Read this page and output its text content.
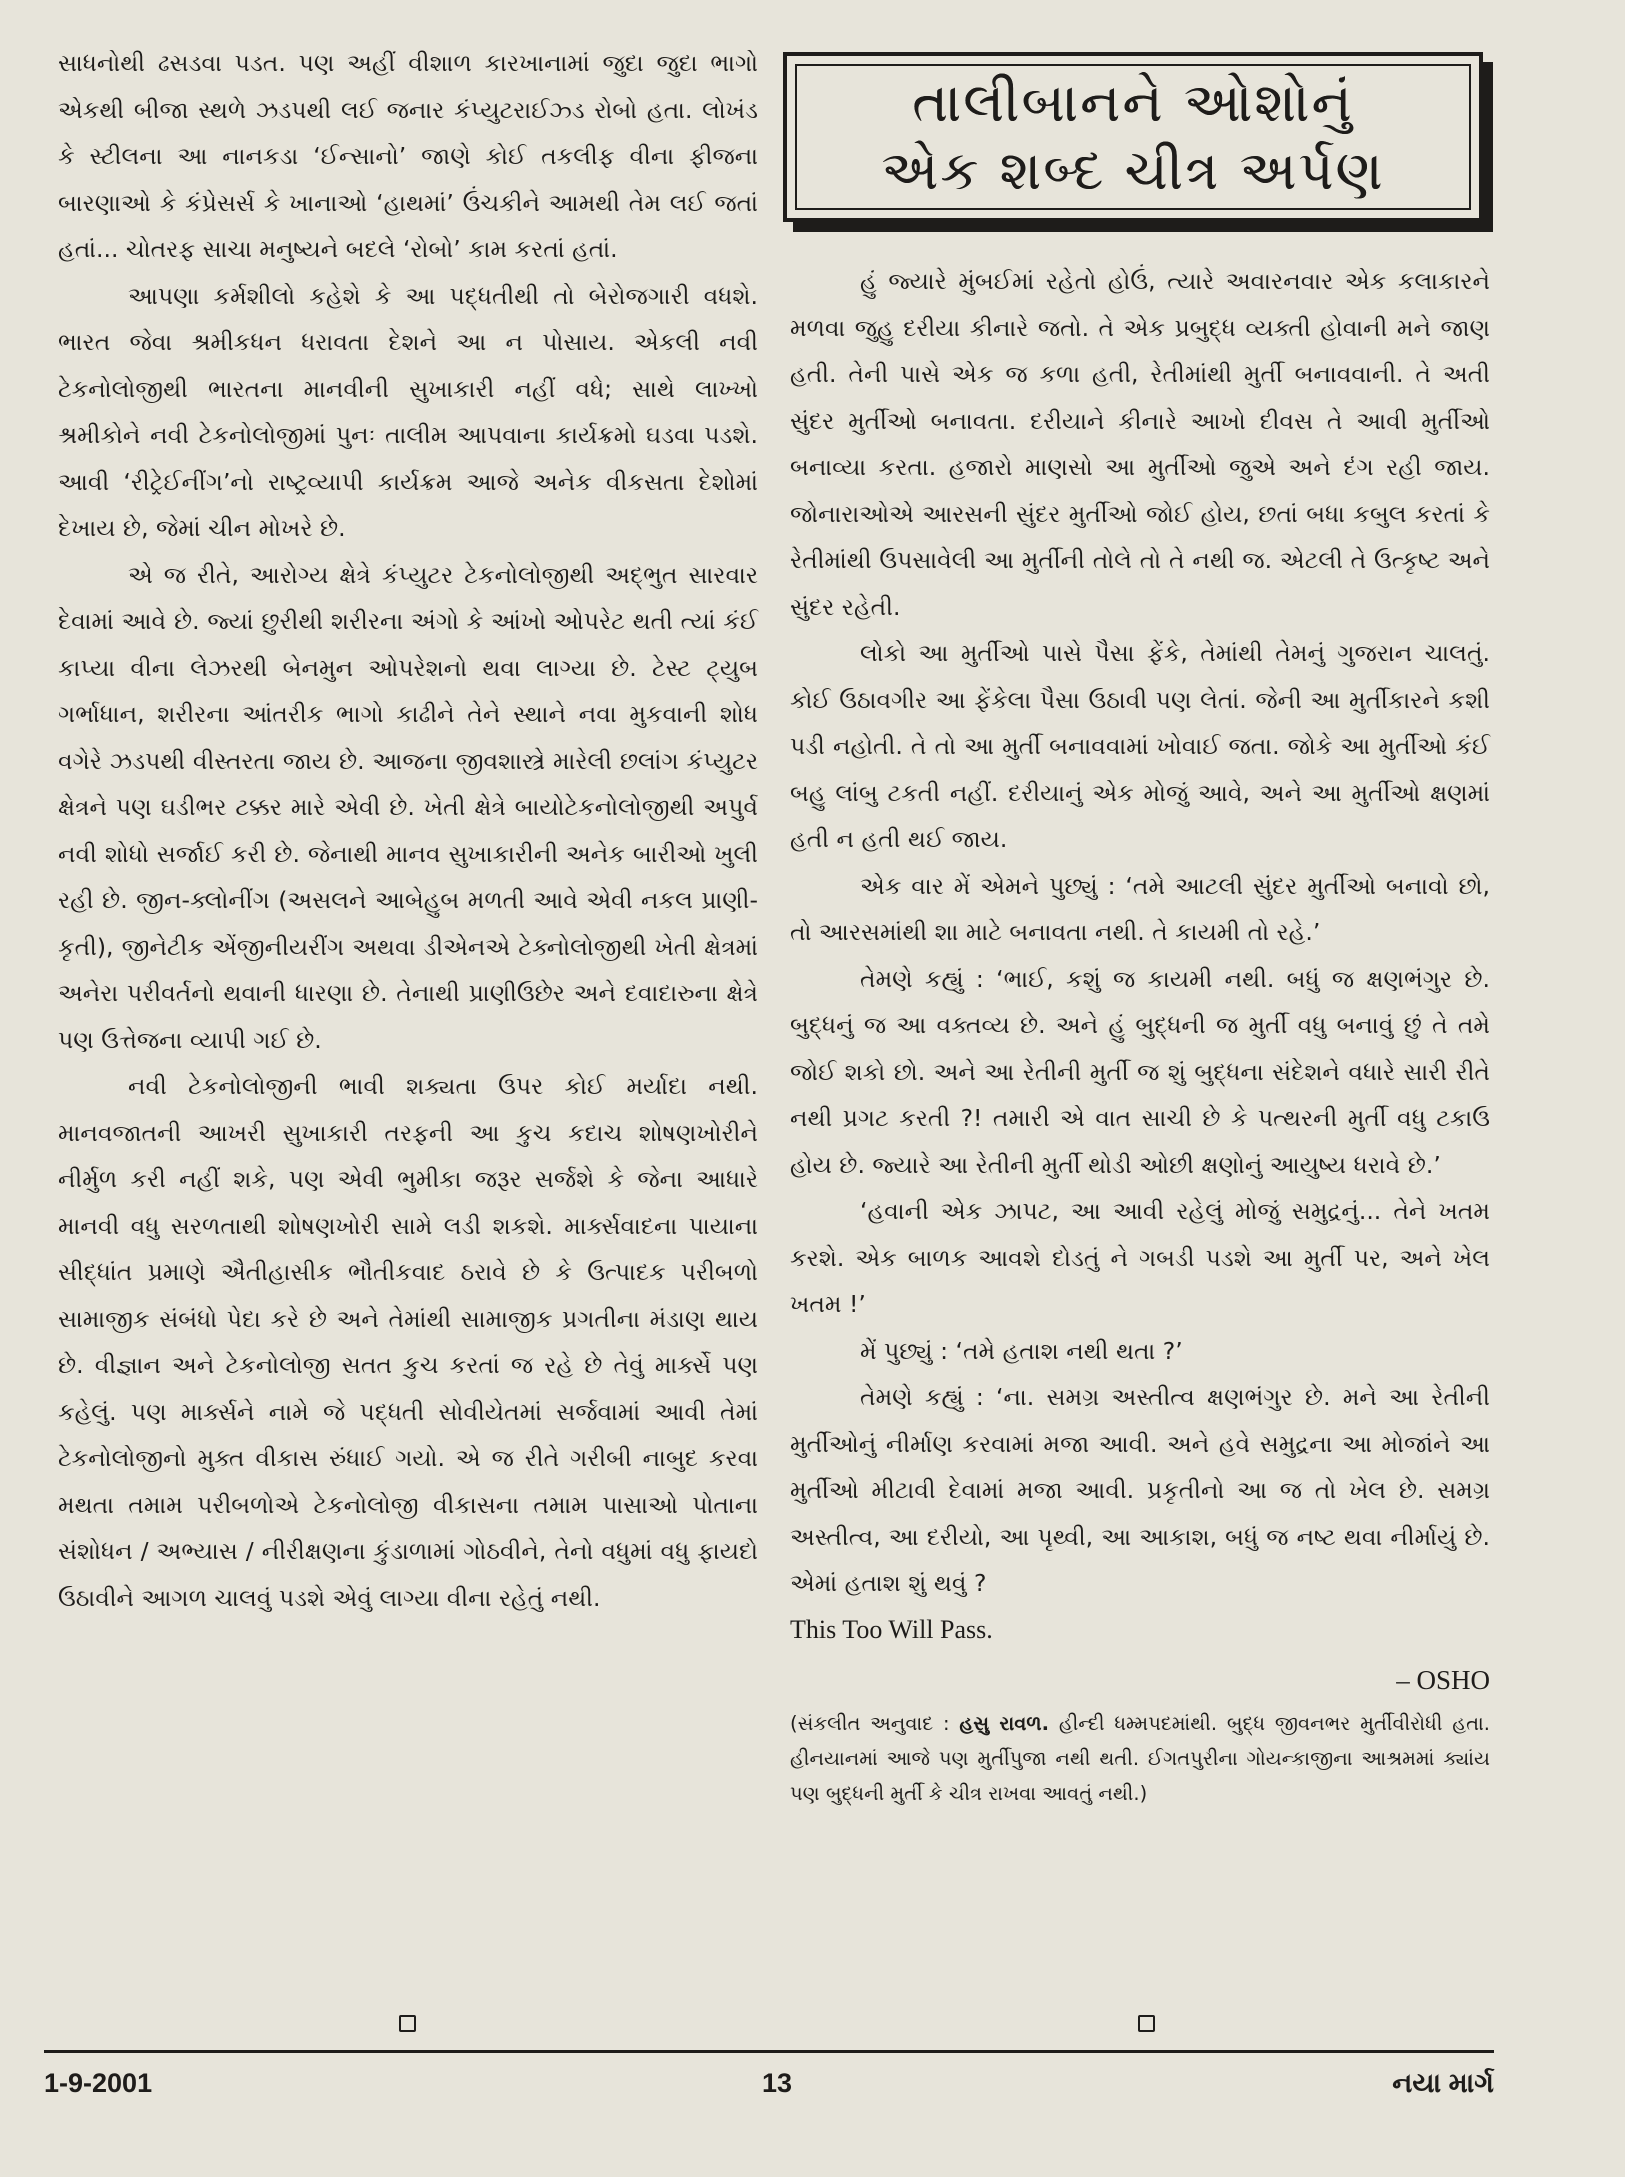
સાધનોથી ઢસડવા પડત. પણ અહીં વીશાળ કારખાનામાં જુદા જુદા ભાગો એકથી બીજા સ્થળે ઝડપથી લઈ જનાર કંપ્યુટરાઈઝ્ડ રોબો હતા. લોખંડ કે સ્ટીલના આ નાનકડા ‘ઈન્સાનો’ જાણે કોઈ તકલીફ વીના ફીજના બારણાઓ કે કંપ્રેસર્સ કે ખાનાઓ ‘હાથમાં’ ઉંચકીને આમથી તેમ લઈ જતાં હતાં... ચોતરફ સાચા મનુષ્યને બદલે ‘રોબો’ કામ કરતાં હતાં.

આપણા કર્મશીલો કહેશે કે આ પદ્ધતીથી તો બેરોજગારી વધશે. ભારત જેવા શ્રમીકધન ધરાવતા દેશને આ ન પોસાય. એકલી નવી ટેકનોલોજીથી ભારતના માનવીની સુખાકારી નહીં વધે; સાથે લાખ્ખો શ્રમીકોને નવી ટેકનોલોજીમાં પુનઃ તાલીમ આપવાના કાર્યક્રમો ઘડવા પડશે. આવી ‘રીટ્રેઈનીંગ’નો રાષ્ટ્રવ્યાપી કાર્યક્રમ આજે અનેક વીકસતા દેશોમાં દેખાય છે, જેમાં ચીન મોખરે છે.

એ જ રીતે, આરોગ્ય ક્ષેત્રે કંપ્યુટર ટેકનોલોજીથી અદ્‌ભુત સારવાર દેવામાં આવે છે. જ્યાં છુરીથી શરીરના અંગો કે આંખો ઓપરેટ થતી ત્યાં કંઈ કાપ્યા વીના લેઝરથી બેનમુન ઓપરેશનો થવા લાગ્યા છે. ટેસ્ટ ટ્યુબ ગર્ભાધાન, શરીરના આંતરીક ભાગો કાઢીને તેને સ્થાને નવા મુકવાની શોધ વગેરે ઝડપથી વીસ્તરતા જાય છે. આજના જીવશાસ્ત્રે મારેલી છલાંગ કંપ્યુટર ક્ષેત્રને પણ ઘડીભર ટક્કર મારે એવી છે. ખેતી ક્ષેત્રે બાયોટેકનોલોજીથી અપુર્વ નવી શોધો સર્જાઈ કરી છે. જેનાથી માનવ સુખાકારીની અનેક બારીઓ ખુલી રહી છે. જીન-ક્લોનીંગ (અસલને આબેહુબ મળતી આવે એવી નકલ પ્રાણી-કૃતી), જીનેટીક એંજીનીયરીંગ અથવા ડીએનએ ટેક્નોલોજીથી ખેતી ક્ષેત્રમાં અનેરા પરીવર્તનો થવાની ધારણા છે. તેનાથી પ્રાણીઉછેર અને દવાદારુના ક્ષેત્રે પણ ઉત્તેજના વ્યાપી ગઈ છે.

નવી ટેકનોલોજીની ભાવી શક્યતા ઉપર કોઈ મર્યાદા નથી. માનવજાતની આખરી સુખાકારી તરફની આ કુચ કદાચ શોષણખોરીને નીર્મુળ કરી નહીં શકે, પણ એવી ભુમીકા જરૂર સર્જશે કે જેના આધારે માનવી વધુ સરળતાથી શોષણખોરી સામે લડી શકશે. માર્ક્સવાદના પાયાના સીદ્ધાંત પ્રમાણે ઐતીહાસીક ભૌતીકવાદ ઠરાવે છે કે ઉત્પાદક પરીબળો સામાજીક સંબંધો પેદા કરે છે અને તેમાંથી સામાજીક પ્રગતીના મંડાણ થાય છે. વીજ્ઞાન અને ટેકનોલોજી સતત કુચ કરતાં જ રહે છે તેવું માર્ક્સે પણ કહેલું. પણ માર્ક્સને નામે જે પદ્ધતી સોવીયેતમાં સર્જવામાં આવી તેમાં ટેકનોલોજીનો મુક્ત વીકાસ રુંધાઈ ગયો. એ જ રીતે ગરીબી નાબુદ કરવા મથતા તમામ પરીબળોએ ટેકનોલોજી વીકાસના તમામ પાસાઓ પોતાના સંશોધન / અભ્યાસ / નીરીક્ષણના કુંડાળામાં ગોઠવીને, તેનો વધુમાં વધુ ફાયદો ઉઠાવીને આગળ ચાલવું પડશે એવું લાગ્યા વીના રહેતું નથી.

તાલીબાનને ઓશોનું
એક શબ્દ ચીત્ર અર્પણ

હું જ્યારે મુંબઈમાં રહેતો હોઉં, ત્યારે અવારનવાર એક કલાકારને મળવા જુહુ દરીયા કીનારે જતો. તે એક પ્રબુદ્ધ વ્યક્તી હોવાની મને જાણ હતી. તેની પાસે એક જ કળા હતી, રેતીમાંથી મુર્તી બનાવવાની. તે અતી સુંદર મુર્તીઓ બનાવતા. દરીયાને કીનારે આખો દીવસ તે આવી મુર્તીઓ બનાવ્યા કરતા. હજારો માણસો આ મુર્તીઓ જુએ અને દંગ રહી જાય. જોનારાઓએ આરસની સુંદર મુર્તીઓ જોઈ હોય, છતાં બધા કબુલ કરતાં કે રેતીમાંથી ઉપસાવેલી આ મુર્તીની તોલે તો તે નથી જ. એટલી તે ઉત્કૃષ્ટ અને સુંદર રહેતી.

લોકો આ મુર્તીઓ પાસે પૈસા ફેંકે, તેમાંથી તેમનું ગુજરાન ચાલતું. કોઈ ઉઠાવગીર આ ફેંકેલા પૈસા ઉઠાવી પણ લેતાં. જેની આ મુર્તીકારને કશી પડી નહોતી. તે તો આ મુર્તી બનાવવામાં ખોવાઈ જતા. જોકે આ મુર્તીઓ કંઈ બહુ લાંબુ ટકતી નહીં. દરીયાનું એક મોજું આવે, અને આ મુર્તીઓ ક્ષણમાં હતી ન હતી થઈ જાય.

એક વાર મેં એમને પુછ્યું : ‘તમે આટલી સુંદર મુર્તીઓ બનાવો છો, તો આરસમાંથી શા માટે બનાવતા નથી. તે કાયમી તો રહે.’

તેમણે કહ્યું : ‘ભાઈ, કશું જ કાયમી નથી. બધું જ ક્ષણભંગુર છે. બુદ્ધનું જ આ વક્તવ્ય છે. અને હું બુદ્ધની જ મુર્તી વધુ બનાવું છું તે તમે જોઈ શકો છો. અને આ રેતીની મુર્તી જ શું બુદ્ધના સંદેશને વધારે સારી રીતે નથી પ્રગટ કરતી ?! તમારી એ વાત સાચી છે કે પત્થરની મુર્તી વધુ ટકાઉ હોય છે. જ્યારે આ રેતીની મુર્તી થોડી ઓછી ક્ષણોનું આયુષ્ય ધરાવે છે.’

‘હવાની એક ઝાપટ, આ આવી રહેલું મોજું સમુદ્રનું... તેને ખતમ કરશે. એક બાળક આવશે દોડતું ને ગબડી પડશે આ મુર્તી પર, અને ખેલ ખતમ !’

મેં પુછ્યું : ‘તમે હતાશ નથી થતા ?’

તેમણે કહ્યું : ‘ના. સમગ્ર અસ્તીત્વ ક્ષણભંગુર છે. મને આ રેતીની મુર્તીઓનું નીર્માણ કરવામાં મજા આવી. અને હવે સમુદ્રના આ મોજાંને આ મુર્તીઓ મીટાવી દેવામાં મજા આવી. પ્રકૃતીનો આ જ તો ખેલ છે. સમગ્ર અસ્તીત્વ, આ દરીયો, આ પૃથ્વી, આ આકાશ, બધું જ નષ્ટ થવા નીર્માયું છે. એમાં હતાશ શું થવું ?

This Too Will Pass.

– OSHO
(સંકલીત અનુવાદ : હસુ રાવળ. હીન્દી ધમ્મપદમાંથી. બુદ્ધ જીવનભર મુર્તીવીરોધી હતા. હીનયાનમાં આજે પણ મુર્તીપુજા નથી થતી. ઈગતપુરીના ગોયન્કાજીના આશ્રમમાં ક્યાંય પણ બુદ્ધની મુર્તી કે ચીત્ર રાખવા આવતું નથી.)
1-9-2001	13	નયા માર્ગ
